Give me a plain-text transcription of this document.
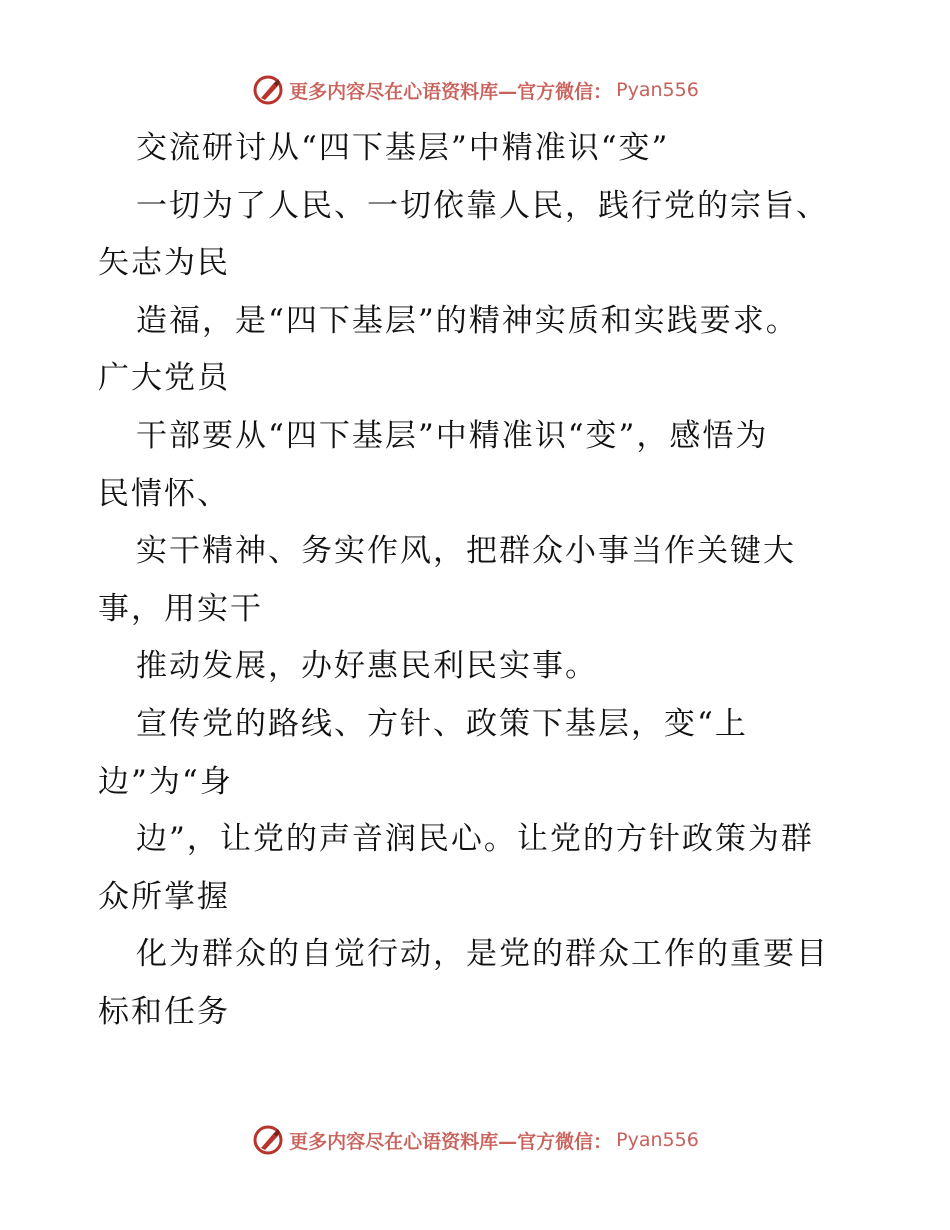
更多内容尽在心语资料库—官方微信： Pyan556
交流研讨从“四下基层”中精准识“变”
一切为了人民、一切依靠人民，践行党的宗旨、
矢志为民
造福，是“四下基层”的精神实质和实践要求。
广大党员
干部要从“四下基层”中精准识“变”，感悟为
民情怀、
实干精神、务实作风，把群众小事当作关键大
事，用实干
推动发展，办好惠民利民实事。
宣传党的路线、方针、政策下基层，变“上
边”为“身
边”，让党的声音润民心。让党的方针政策为群
众所掌握
化为群众的自觉行动，是党的群众工作的重要目
标和任务
更多内容尽在心语资料库—官方微信： Pyan556
